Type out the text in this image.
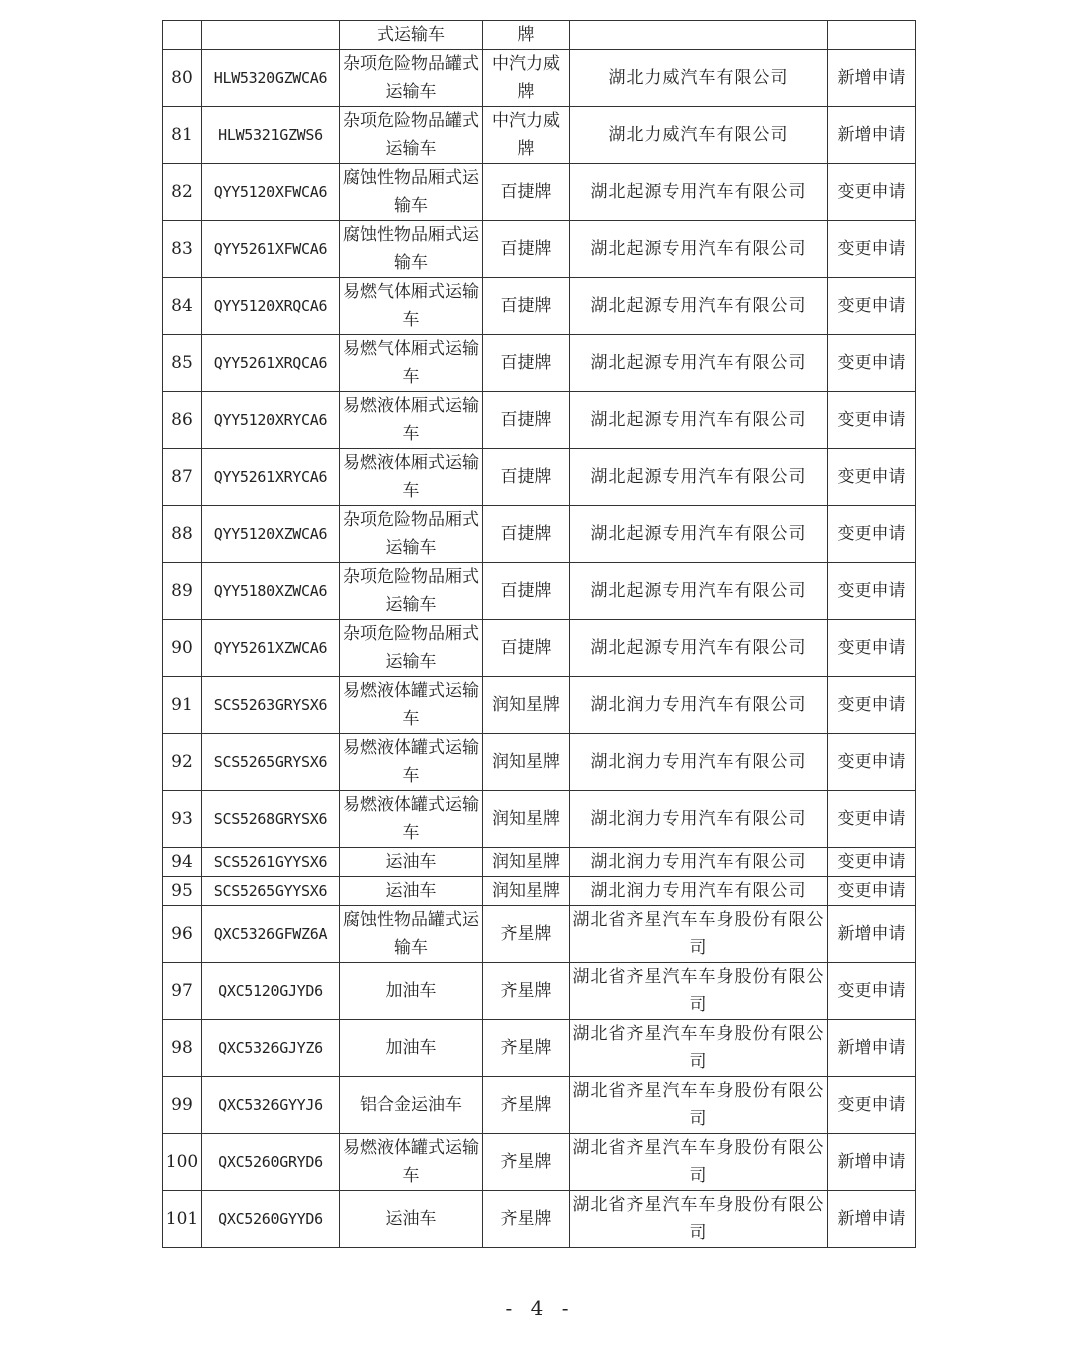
		式运输车	牌		
80	HLW5320GZWCA6	杂项危险物品罐式运输车	中汽力威牌	湖北力威汽车有限公司	新增申请
81	HLW5321GZWS6	杂项危险物品罐式运输车	中汽力威牌	湖北力威汽车有限公司	新增申请
82	QYY5120XFWCA6	腐蚀性物品厢式运输车	百捷牌	湖北起源专用汽车有限公司	变更申请
83	QYY5261XFWCA6	腐蚀性物品厢式运输车	百捷牌	湖北起源专用汽车有限公司	变更申请
84	QYY5120XRQCA6	易燃气体厢式运输车	百捷牌	湖北起源专用汽车有限公司	变更申请
85	QYY5261XRQCA6	易燃气体厢式运输车	百捷牌	湖北起源专用汽车有限公司	变更申请
86	QYY5120XRYCA6	易燃液体厢式运输车	百捷牌	湖北起源专用汽车有限公司	变更申请
87	QYY5261XRYCA6	易燃液体厢式运输车	百捷牌	湖北起源专用汽车有限公司	变更申请
88	QYY5120XZWCA6	杂项危险物品厢式运输车	百捷牌	湖北起源专用汽车有限公司	变更申请
89	QYY5180XZWCA6	杂项危险物品厢式运输车	百捷牌	湖北起源专用汽车有限公司	变更申请
90	QYY5261XZWCA6	杂项危险物品厢式运输车	百捷牌	湖北起源专用汽车有限公司	变更申请
91	SCS5263GRYSX6	易燃液体罐式运输车	润知星牌	湖北润力专用汽车有限公司	变更申请
92	SCS5265GRYSX6	易燃液体罐式运输车	润知星牌	湖北润力专用汽车有限公司	变更申请
93	SCS5268GRYSX6	易燃液体罐式运输车	润知星牌	湖北润力专用汽车有限公司	变更申请
94	SCS5261GYYSX6	运油车	润知星牌	湖北润力专用汽车有限公司	变更申请
95	SCS5265GYYSX6	运油车	润知星牌	湖北润力专用汽车有限公司	变更申请
96	QXC5326GFWZ6A	腐蚀性物品罐式运输车	齐星牌	湖北省齐星汽车车身股份有限公司	新增申请
97	QXC5120GJYD6	加油车	齐星牌	湖北省齐星汽车车身股份有限公司	变更申请
98	QXC5326GJYZ6	加油车	齐星牌	湖北省齐星汽车车身股份有限公司	新增申请
99	QXC5326GYYJ6	铝合金运油车	齐星牌	湖北省齐星汽车车身股份有限公司	变更申请
100	QXC5260GRYD6	易燃液体罐式运输车	齐星牌	湖北省齐星汽车车身股份有限公司	新增申请
101	QXC5260GYYD6	运油车	齐星牌	湖北省齐星汽车车身股份有限公司	新增申请
- 4 -
